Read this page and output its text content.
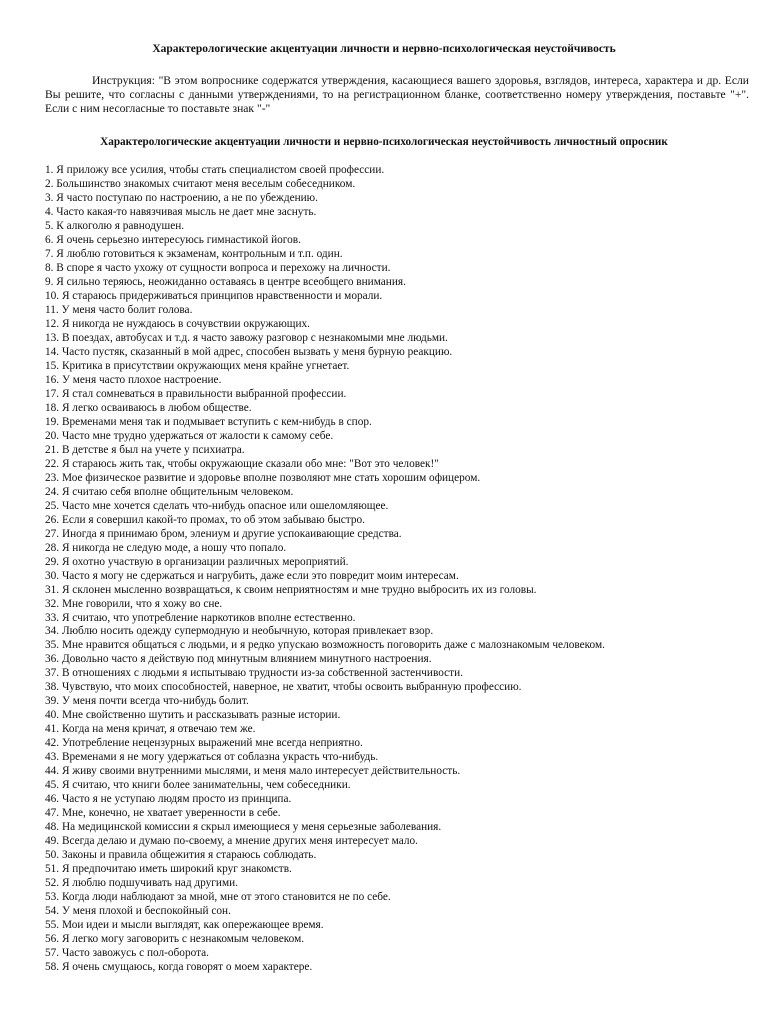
Характерологические акцентуации личности и нервно-психологическая неустойчивость
Инструкция: "В этом вопроснике содержатся утверждения, касающиеся вашего здоровья, взглядов, интереса, характера и др. Если Вы решите, что согласны с данными утверждениями, то на регистрационном бланке, соответственно номеру утверждения, поставьте "+". Если с ним несогласные то поставьте знак "-"
Характерологические акцентуации личности и нервно-психологическая неустойчивость личностный опросник
1. Я приложу все усилия, чтобы стать специалистом своей профессии.
2. Большинство знакомых считают меня веселым собеседником.
3. Я часто поступаю по настроению, а не по убеждению.
4. Часто какая-то навязчивая мысль не дает мне заснуть.
5. К алкоголю я равнодушен.
6. Я очень серьезно интересуюсь гимнастикой йогов.
7. Я люблю готовиться к экзаменам, контрольным и т.п. один.
8. В споре я часто ухожу от сущности вопроса и перехожу на личности.
9. Я сильно теряюсь, неожиданно оставаясь в центре всеобщего внимания.
10. Я стараюсь придерживаться принципов нравственности и морали.
11. У меня часто болит голова.
12. Я никогда не нуждаюсь в сочувствии окружающих.
13. В поездах, автобусах и т.д. я часто завожу разговор с незнакомыми мне людьми.
14. Часто пустяк, сказанный в мой адрес, способен вызвать у меня бурную реакцию.
15. Критика в присутствии окружающих меня крайне угнетает.
16. У меня часто плохое настроение.
17. Я стал сомневаться в правильности выбранной профессии.
18. Я легко осваиваюсь в любом обществе.
19. Временами меня так и подмывает вступить с кем-нибудь в спор.
20. Часто мне трудно удержаться от жалости к самому себе.
21. В детстве я был на учете у психиатра.
22. Я стараюсь жить так, чтобы окружающие сказали обо мне: "Вот это человек!"
23. Мое физическое развитие и здоровье вполне позволяют мне стать хорошим офицером.
24. Я считаю себя вполне общительным человеком.
25. Часто мне хочется сделать что-нибудь опасное или ошеломляющее.
26. Если я совершил какой-то промах, то об этом забываю быстро.
27. Иногда я принимаю бром, элениум и другие успокаивающие средства.
28. Я никогда не следую моде, а ношу что попало.
29. Я охотно участвую в организации различных мероприятий.
30. Часто я могу не сдержаться и нагрубить, даже если это повредит моим интересам.
31. Я склонен мысленно возвращаться, к своим неприятностям и мне трудно выбросить их из головы.
32. Мне говорили, что я хожу во сне.
33. Я считаю, что употребление наркотиков вполне естественно.
34. Люблю носить одежду супермодную и необычную, которая привлекает взор.
35. Мне нравится общаться с людьми, и я редко упускаю возможность поговорить даже с малознакомым человеком.
36. Довольно часто я действую под минутным влиянием минутного настроения.
37. В отношениях с людьми я испытываю трудности из-за собственной застенчивости.
38. Чувствую, что моих способностей, наверное, не хватит, чтобы освоить выбранную профессию.
39. У меня почти всегда что-нибудь болит.
40. Мне свойственно шутить и рассказывать разные истории.
41. Когда на меня кричат, я отвечаю тем же.
42. Употребление нецензурных выражений мне всегда неприятно.
43. Временами я не могу удержаться от соблазна украсть что-нибудь.
44. Я живу своими внутренними мыслями, и меня мало интересует действительность.
45. Я считаю, что книги более занимательны, чем собеседники.
46. Часто я не уступаю людям просто из принципа.
47. Мне, конечно, не хватает уверенности в себе.
48. На медицинской комиссии я скрыл имеющиеся у меня серьезные заболевания.
49. Всегда делаю и думаю по-своему, а мнение других меня интересует мало.
50. Законы и правила общежития я стараюсь соблюдать.
51. Я предпочитаю иметь широкий круг знакомств.
52. Я люблю подшучивать над другими.
53. Когда люди наблюдают за мной, мне от этого становится не по себе.
54. У меня плохой и беспокойный сон.
55. Мои идеи и мысли выглядят, как опережающее время.
56. Я легко могу заговорить с незнакомым человеком.
57. Часто завожусь с пол-оборота.
58. Я очень смущаюсь, когда говорят о моем характере.
